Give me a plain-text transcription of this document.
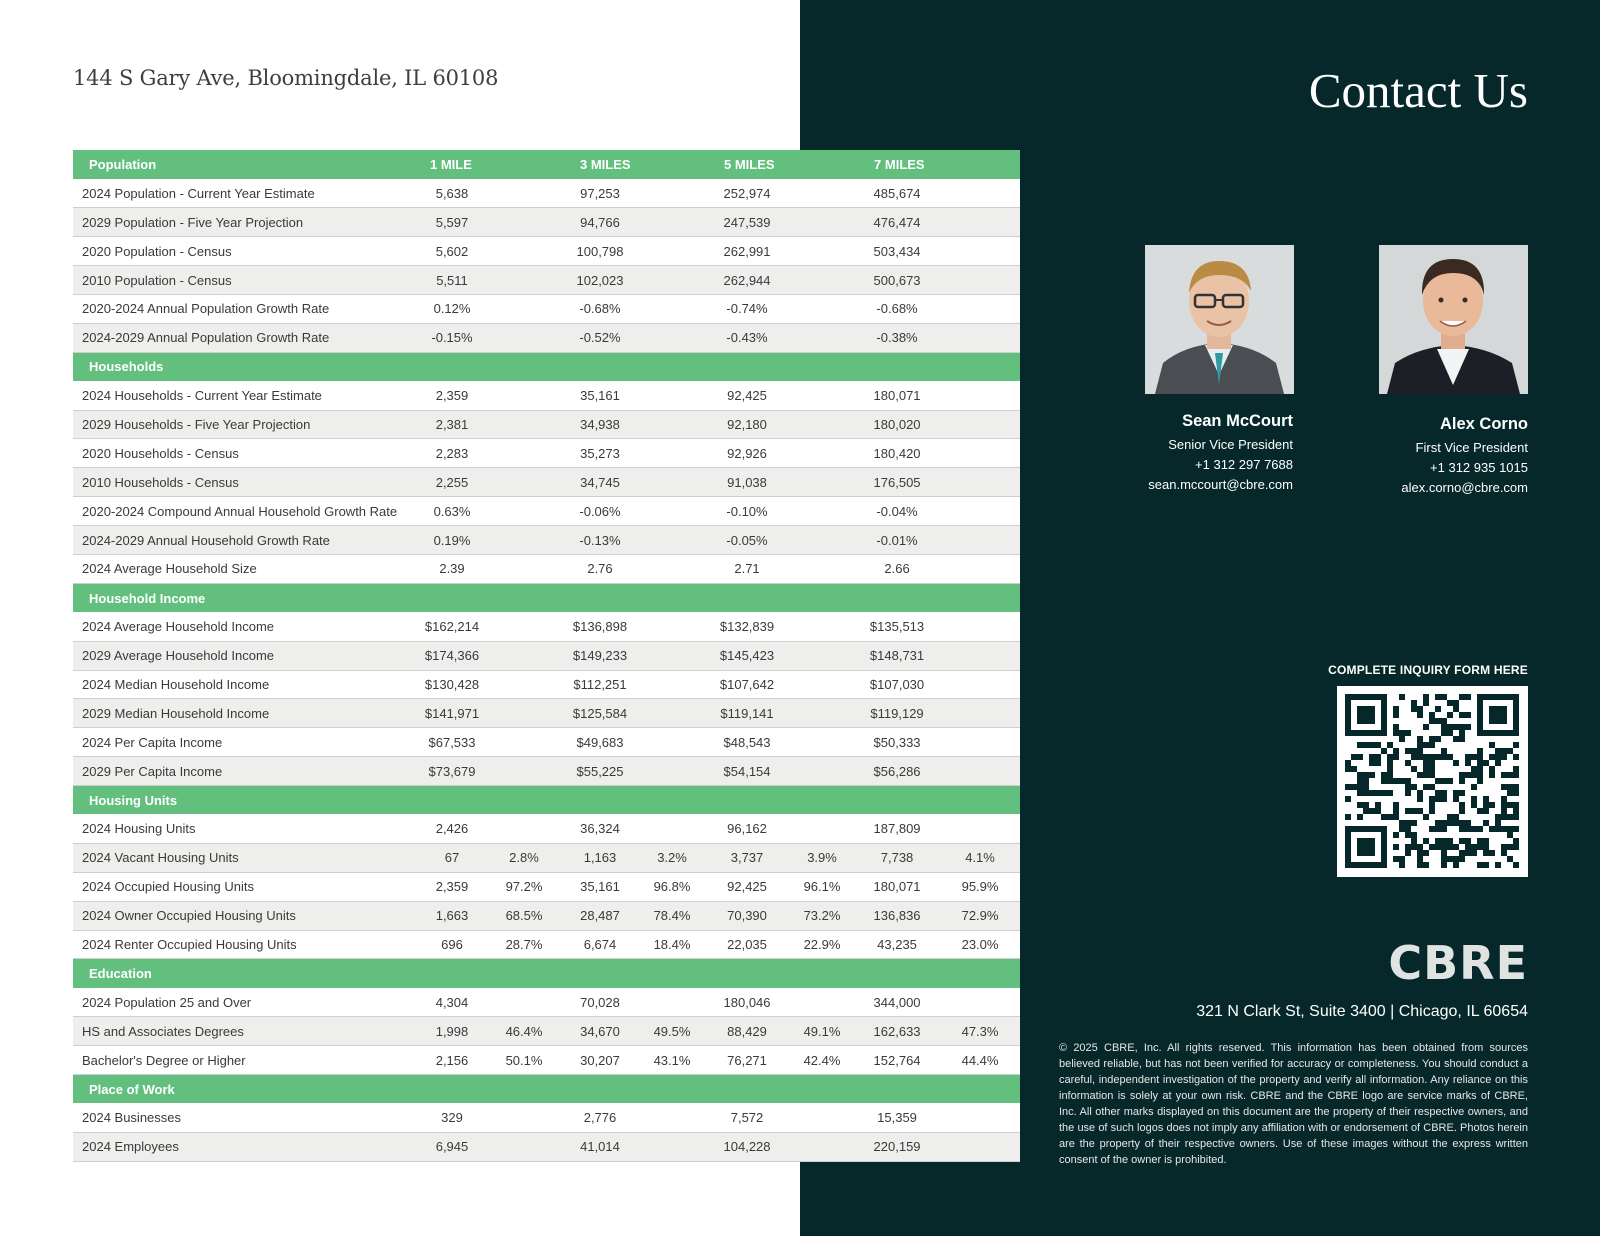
144 S Gary Ave, Bloomingdale, IL 60108
Population	1 MILE		3 MILES		5 MILES		7 MILES	
2024 Population - Current Year Estimate	5,638		97,253		252,974		485,674	
2029 Population - Five Year Projection	5,597		94,766		247,539		476,474	
2020 Population - Census	5,602		100,798		262,991		503,434	
2010 Population - Census	5,511		102,023		262,944		500,673	
2020-2024 Annual Population Growth Rate	0.12%		-0.68%		-0.74%		-0.68%	
2024-2029 Annual Population Growth Rate	-0.15%		-0.52%		-0.43%		-0.38%	
Households								
2024 Households - Current Year Estimate	2,359		35,161		92,425		180,071	
2029 Households - Five Year Projection	2,381		34,938		92,180		180,020	
2020 Households - Census	2,283		35,273		92,926		180,420	
2010 Households - Census	2,255		34,745		91,038		176,505	
2020-2024 Compound Annual Household Growth Rate	0.63%		-0.06%		-0.10%		-0.04%	
2024-2029 Annual Household Growth Rate	0.19%		-0.13%		-0.05%		-0.01%	
2024 Average Household Size	2.39		2.76		2.71		2.66	
Household Income								
2024 Average Household Income	$162,214		$136,898		$132,839		$135,513	
2029 Average Household Income	$174,366		$149,233		$145,423		$148,731	
2024 Median Household Income	$130,428		$112,251		$107,642		$107,030	
2029 Median Household Income	$141,971		$125,584		$119,141		$119,129	
2024 Per Capita Income	$67,533		$49,683		$48,543		$50,333	
2029 Per Capita Income	$73,679		$55,225		$54,154		$56,286	
Housing Units								
2024 Housing Units	2,426		36,324		96,162		187,809	
2024 Vacant Housing Units	67	2.8%	1,163	3.2%	3,737	3.9%	7,738	4.1%
2024 Occupied Housing Units	2,359	97.2%	35,161	96.8%	92,425	96.1%	180,071	95.9%
2024 Owner Occupied Housing Units	1,663	68.5%	28,487	78.4%	70,390	73.2%	136,836	72.9%
2024 Renter Occupied Housing Units	696	28.7%	6,674	18.4%	22,035	22.9%	43,235	23.0%
Education								
2024 Population 25 and Over	4,304		70,028		180,046		344,000	
HS and Associates Degrees	1,998	46.4%	34,670	49.5%	88,429	49.1%	162,633	47.3%
Bachelor's Degree or Higher	2,156	50.1%	30,207	43.1%	76,271	42.4%	152,764	44.4%
Place of Work								
2024 Businesses	329		2,776		7,572		15,359	
2024 Employees	6,945		41,014		104,228		220,159	
Contact Us
Sean McCourt
Senior Vice President
+1 312 297 7688
sean.mccourt@cbre.com
Alex Corno
First Vice President
+1 312 935 1015
alex.corno@cbre.com
COMPLETE INQUIRY FORM HERE
CBRE
321 N Clark St, Suite 3400 | Chicago, IL 60654
© 2025 CBRE, Inc. All rights reserved. This information has been obtained from sources believed reliable, but has not been verified for accuracy or completeness. You should conduct a careful, independent investigation of the property and verify all information. Any reliance on this information is solely at your own risk. CBRE and the CBRE logo are service marks of CBRE, Inc. All other marks displayed on this document are the property of their respective owners, and the use of such logos does not imply any affiliation with or endorsement of CBRE. Photos herein are the property of their respective owners. Use of these images without the express written consent of the owner is prohibited.
